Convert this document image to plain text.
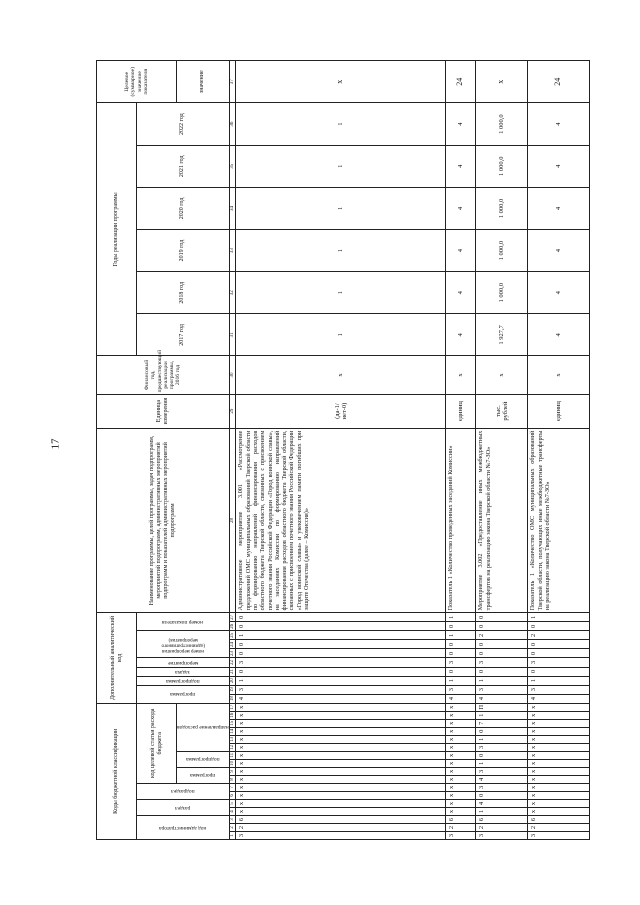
17
Коды бюджетной классификации																	Дополнительный аналитический код										Наименование программы, целей программы, задач подпрограмм, мероприятий подпрограмм, административных мероприятий подпрограмм и показателей административных мероприятий подпрограмм	Единица измерения	Финансовый год, предшествующий реализации программы, 2016 год	Годы реализации программы						Целевое (суммарное) значение показателя

код администратора			раздел		подраздел		код целевой статьи расхода бюджета										программа		подпрограмма	задача	мероприятие	номер мероприятия (административного мероприятия)			номер показателя					2017 год	2018 год	2019 год	2020 год	2021 год	2022 год	

							программа		подпрограмма		направление расходов																									значение
1	2	3	4	5	6	7	8	9	10	11	12	13	14	15	16	17	18	19	20	21	22	23	24	25	26	27	28	29	30	31	32	33	34	35	36	37
3	2	6	х	х	х	х	х	х	х	х	х	х	х	х	х	х	4	3	1	0	3	0	0	1	0	0	Административное мероприятие 3.001 «Рассмотрение предложений ОМС муниципальных образований Тверской области по формированию направлений финансирования расходов областного бюджета Тверской области, связанных с присвоением почетного звания Российской Федерации «Город воинской славы», на заседаниях Комиссии по формированию направлений финансирования расходов областного бюджета Тверской области, связанных с присвоением почетного звания Российской Федерации «Город воинской славы» и увековечением памяти погибших при защите Отечества (далее – Комиссия)»	(да-1/нет-0)	х	1	1	1	1	1	1	х
3	2	6	х	х	х	х	х	х	х	х	х	х	х	х	х	х	4	3	1	0	3	0	0	1	0	1	Показатель 1 «Количество проведенных заседаний Комиссии»	единиц	х	4	4	4	4	4	4	24
3	2	6	1	4	0	3	4	3	1	0	3	1	0	7	1	П	4	3	1	0	3	0	0	2	0	0	Мероприятие 3.002 «Предоставление иных межбюджетных трансфертов на реализацию закона Тверской области №7-ЗО»	тыс. рублей	х	1 927,7	1 000,0	1 000,0	1 000,0	1 000,0	1 000,0	х
3	2	6	х	х	х	х	х	х	х	х	х	х	х	х	х	х	4	3	1	0	3	0	0	2	0	1	Показатель 1 «Количество ОМС муниципальных образований Тверской области, получающих иные межбюджетные трансферты на реализацию закона Тверской области №7-ЗО»	единиц	х	4	4	4	4	4	4	24
